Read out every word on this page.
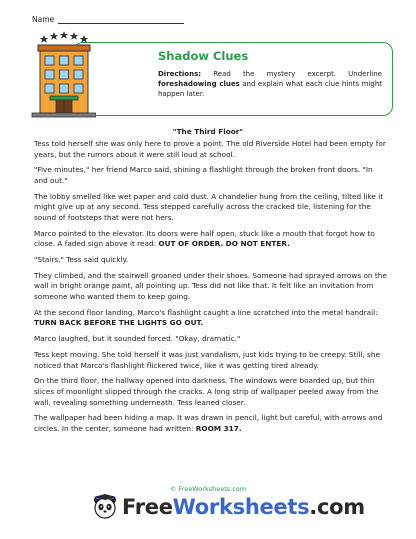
Name
Shadow Clues
Directions: Read the mystery excerpt. Underline foreshadowing clues and explain what each clue hints might happen later.
"The Third Floor"

Tess told herself she was only here to prove a point. The old Riverside Hotel had been empty for years, but the rumors about it were still loud at school.

"Five minutes," her friend Marco said, shining a flashlight through the broken front doors. "In and out."

The lobby smelled like wet paper and cold dust. A chandelier hung from the ceiling, tilted like it might give up at any second. Tess stepped carefully across the cracked tile, listening for the sound of footsteps that were not hers.

Marco pointed to the elevator. Its doors were half open, stuck like a mouth that forgot how to close. A faded sign above it read: OUT OF ORDER. DO NOT ENTER.

"Stairs," Tess said quickly.

They climbed, and the stairwell groaned under their shoes. Someone had sprayed arrows on the wall in bright orange paint, all pointing up. Tess did not like that. It felt like an invitation from someone who wanted them to keep going.

At the second floor landing, Marco's flashlight caught a line scratched into the metal handrail: TURN BACK BEFORE THE LIGHTS GO OUT.

Marco laughed, but it sounded forced. "Okay, dramatic."

Tess kept moving. She told herself it was just vandalism, just kids trying to be creepy. Still, she noticed that Marco's flashlight flickered twice, like it was getting tired already.

On the third floor, the hallway opened into darkness. The windows were boarded up, but thin slices of moonlight slipped through the cracks. A long strip of wallpaper peeled away from the wall, revealing something underneath. Tess leaned closer.

The wallpaper had been hiding a map. It was drawn in pencil, light but careful, with arrows and circles. In the center, someone had written: ROOM 317.

© FreeWorksheets.com
FreeWorksheets.com
